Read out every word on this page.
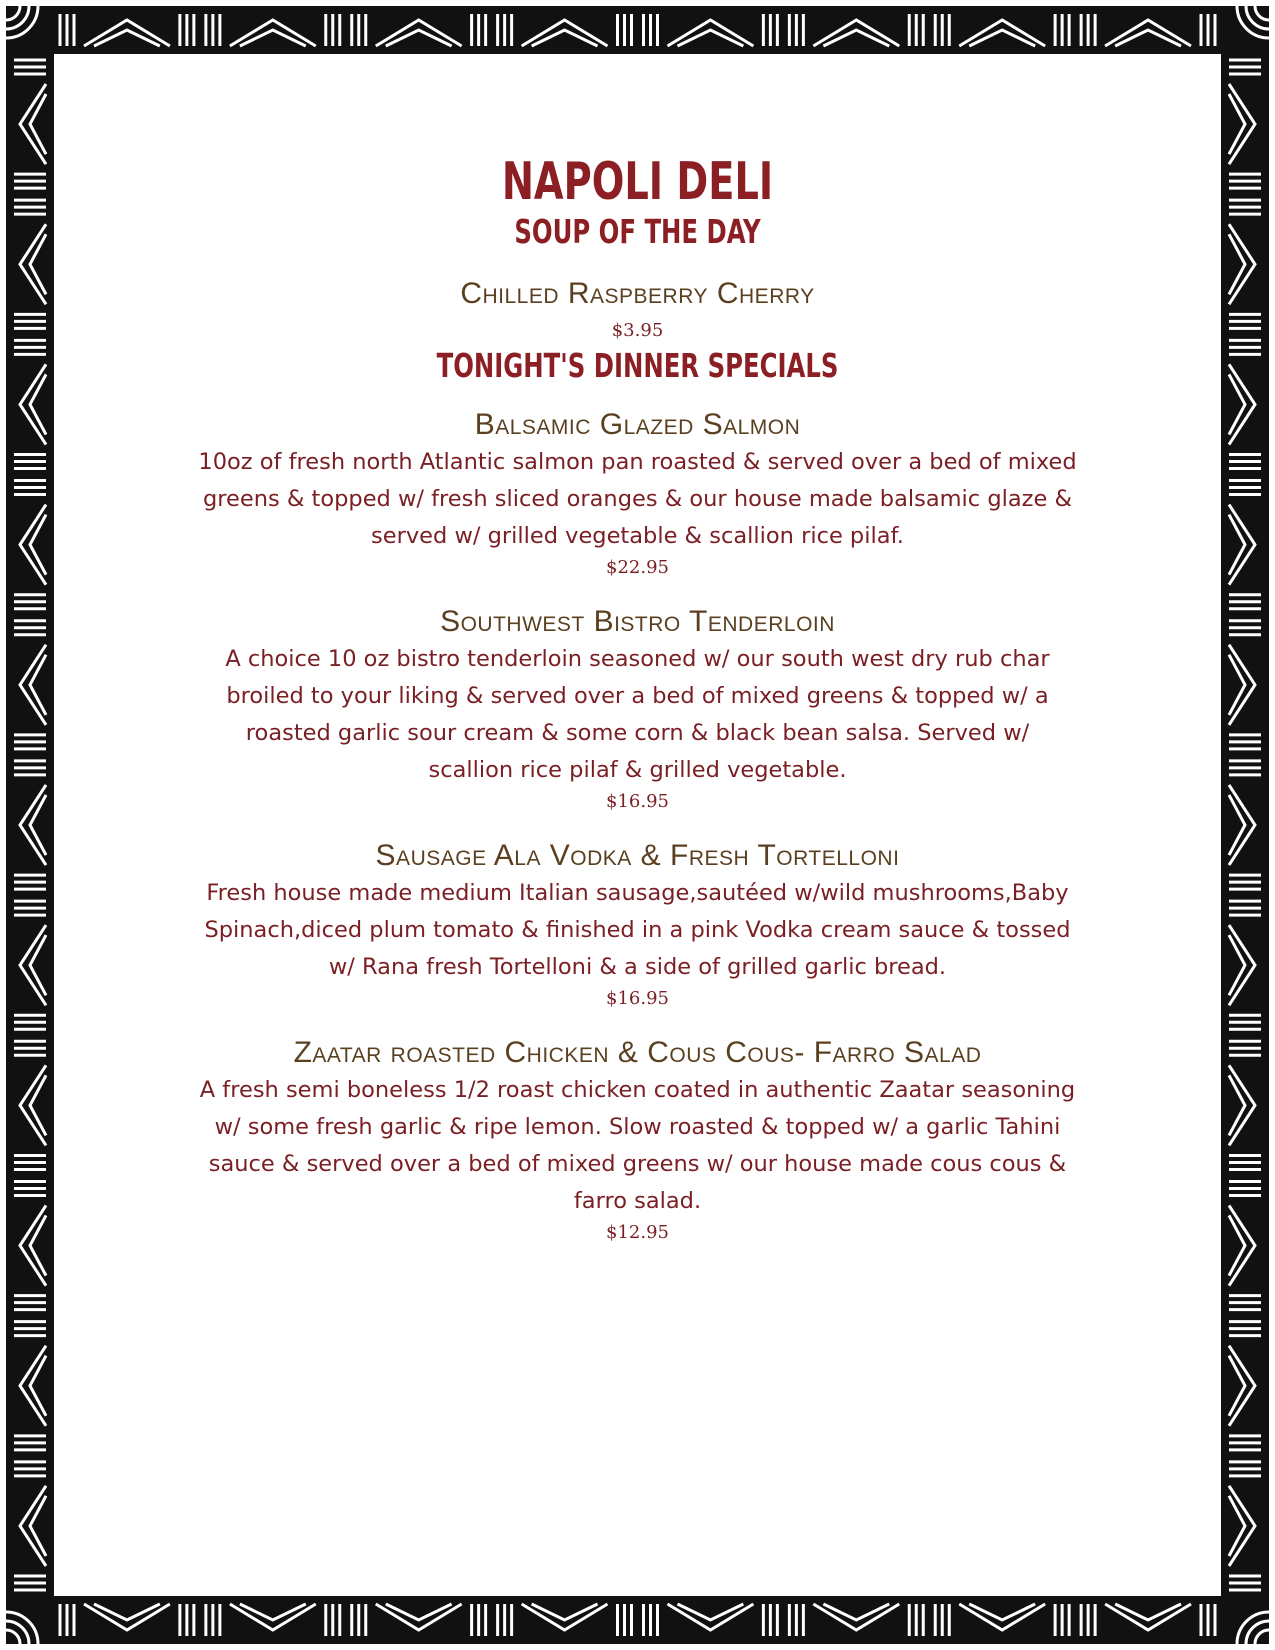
NAPOLI DELI
SOUP OF THE DAY
Chilled Raspberry Cherry
$3.95
TONIGHT'S DINNER SPECIALS
Balsamic Glazed Salmon
10oz of fresh north Atlantic salmon pan roasted & served over a bed of mixed
greens & topped w/ fresh sliced oranges & our house made balsamic glaze &
served w/ grilled vegetable & scallion rice pilaf.
$22.95
Southwest Bistro Tenderloin
A choice 10 oz bistro tenderloin seasoned w/ our south west dry rub char
broiled to your liking & served over a bed of mixed greens & topped w/ a
roasted garlic sour cream & some corn & black bean salsa. Served w/
scallion rice pilaf & grilled vegetable.
$16.95
Sausage Ala Vodka & Fresh Tortelloni
Fresh house made medium Italian sausage,sautéed w/wild mushrooms,Baby
Spinach,diced plum tomato & finished in a pink Vodka cream sauce & tossed
w/ Rana fresh Tortelloni & a side of grilled garlic bread.
$16.95
Zaatar roasted Chicken & Cous Cous- Farro Salad
A fresh semi boneless 1/2 roast chicken coated in authentic Zaatar seasoning
w/ some fresh garlic & ripe lemon. Slow roasted & topped w/ a garlic Tahini
sauce & served over a bed of mixed greens w/ our house made cous cous &
farro salad.
$12.95
